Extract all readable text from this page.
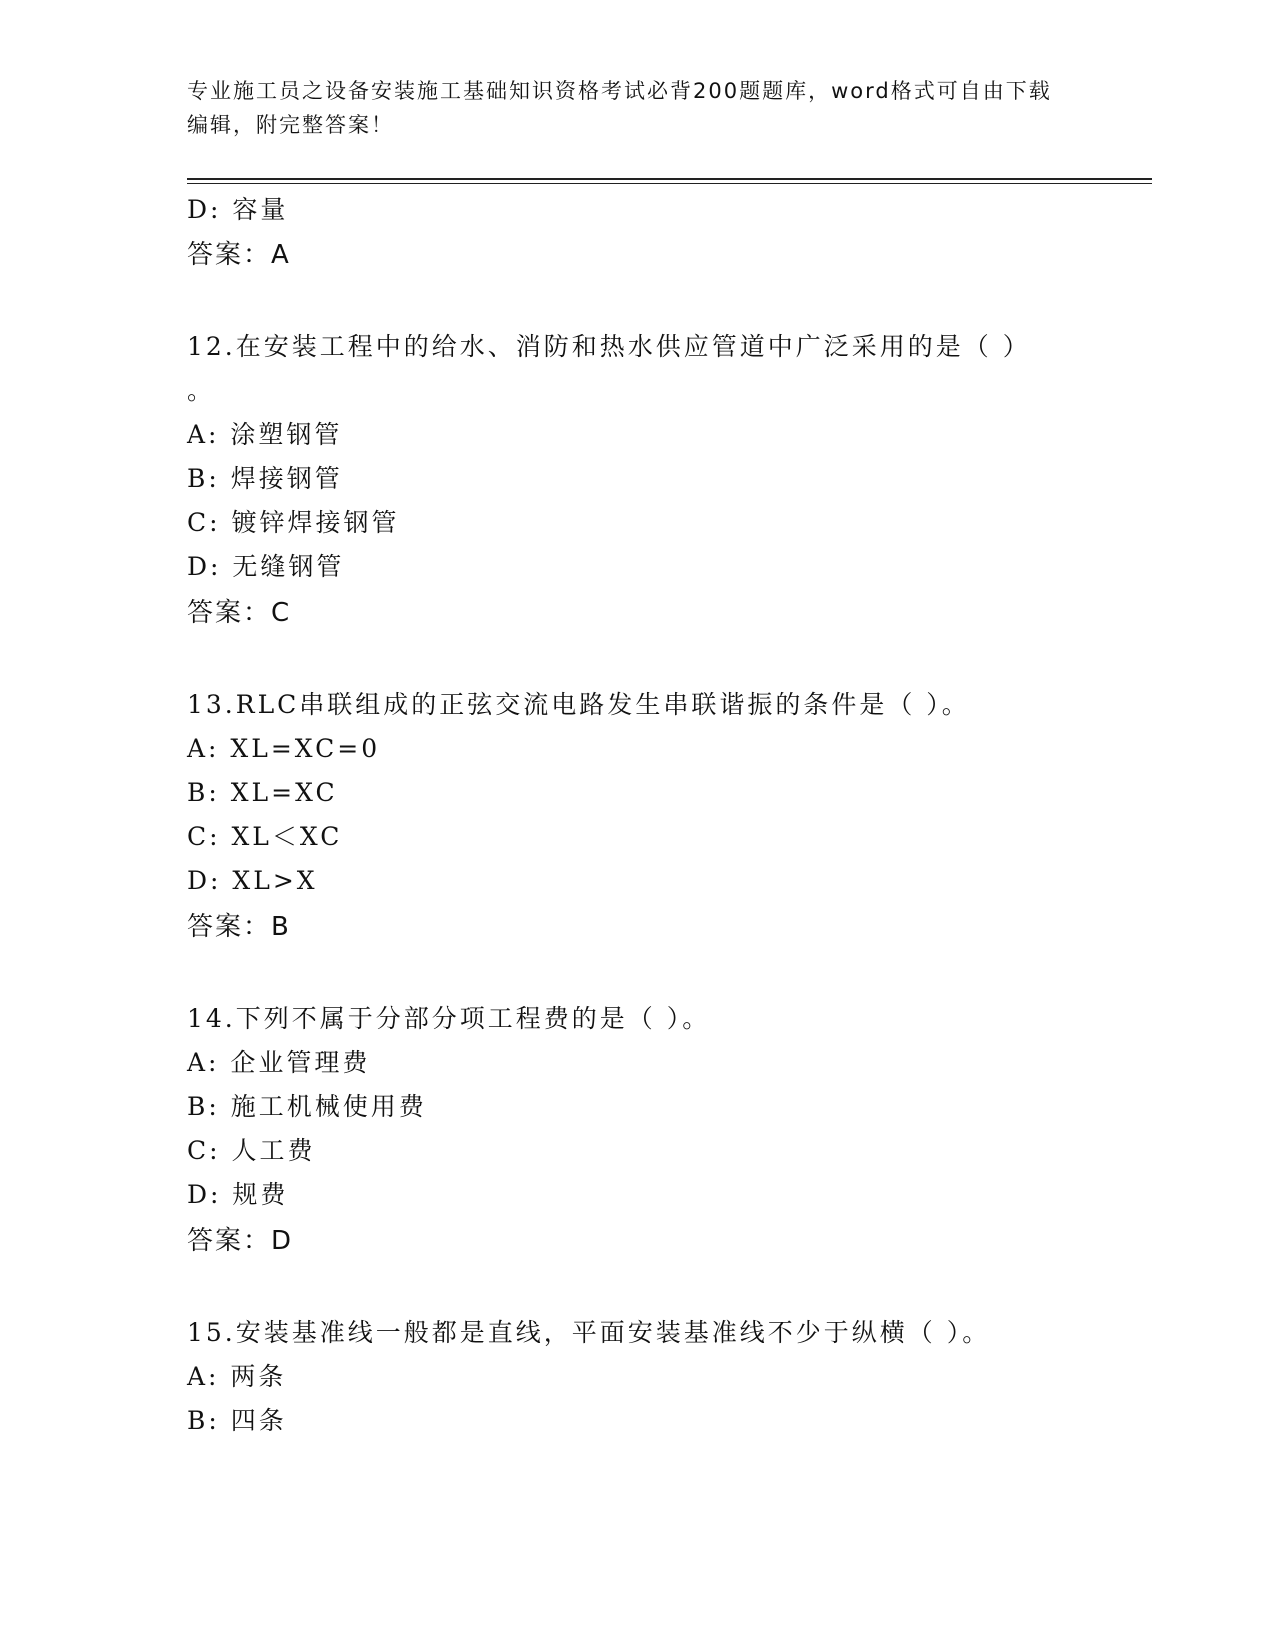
专业施工员之设备安装施工基础知识资格考试必背200题题库，word格式可自由下载编辑，附完整答案！
D: 容量
答案：A
12.在安装工程中的给水、消防和热水供应管道中广泛采用的是（ ）
。
A: 涂塑钢管
B: 焊接钢管
C: 镀锌焊接钢管
D: 无缝钢管
答案：C
13.RLC串联组成的正弦交流电路发生串联谐振的条件是（ ）。
A: XL=XC=0
B: XL=XC
C: XL＜XC
D: XL>X
答案：B
14.下列不属于分部分项工程费的是（ ）。
A: 企业管理费
B: 施工机械使用费
C: 人工费
D: 规费
答案：D
15.安装基准线一般都是直线，平面安装基准线不少于纵横（ ）。
A: 两条
B: 四条
